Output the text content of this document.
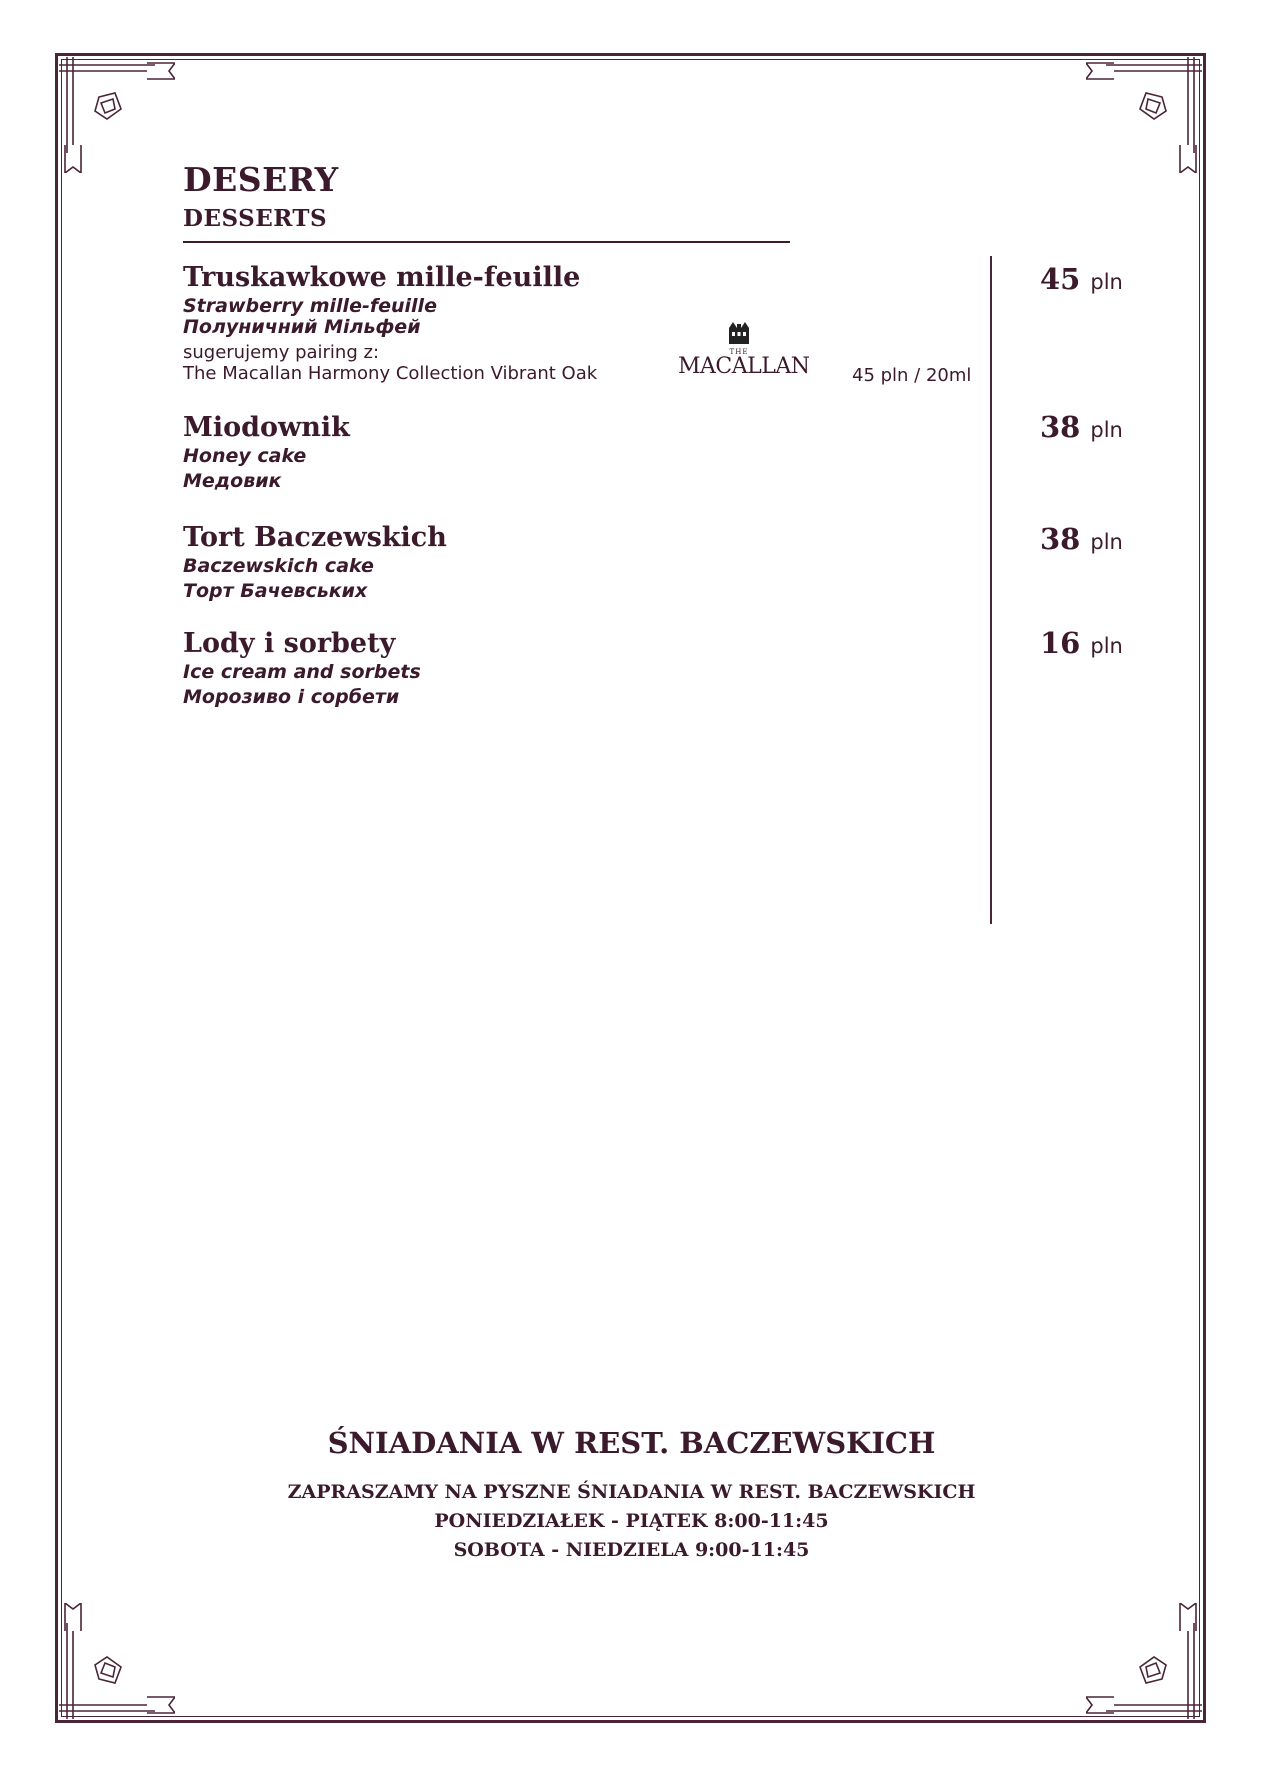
DESERY
DESSERTS
Truskawkowe mille-feuille
Strawberry mille-feuille
Полуничний Мільфей
sugerujemy pairing z:
The Macallan Harmony Collection Vibrant Oak
45 pln
THE
MACALLAN 45 pln / 20ml
Miodownik
Honey cake
Медовик
38 pln
Tort Baczewskich
Baczewskich cake
Торт Бачевських
38 pln
Lody i sorbety
Ice cream and sorbets
Морозиво і сорбети
16 pln
ŚNIADANIA W REST. BACZEWSKICH
ZAPRASZAMY NA PYSZNE ŚNIADANIA W REST. BACZEWSKICH
PONIEDZIAŁEK - PIĄTEK 8:00-11:45
SOBOTA - NIEDZIELA 9:00-11:45
